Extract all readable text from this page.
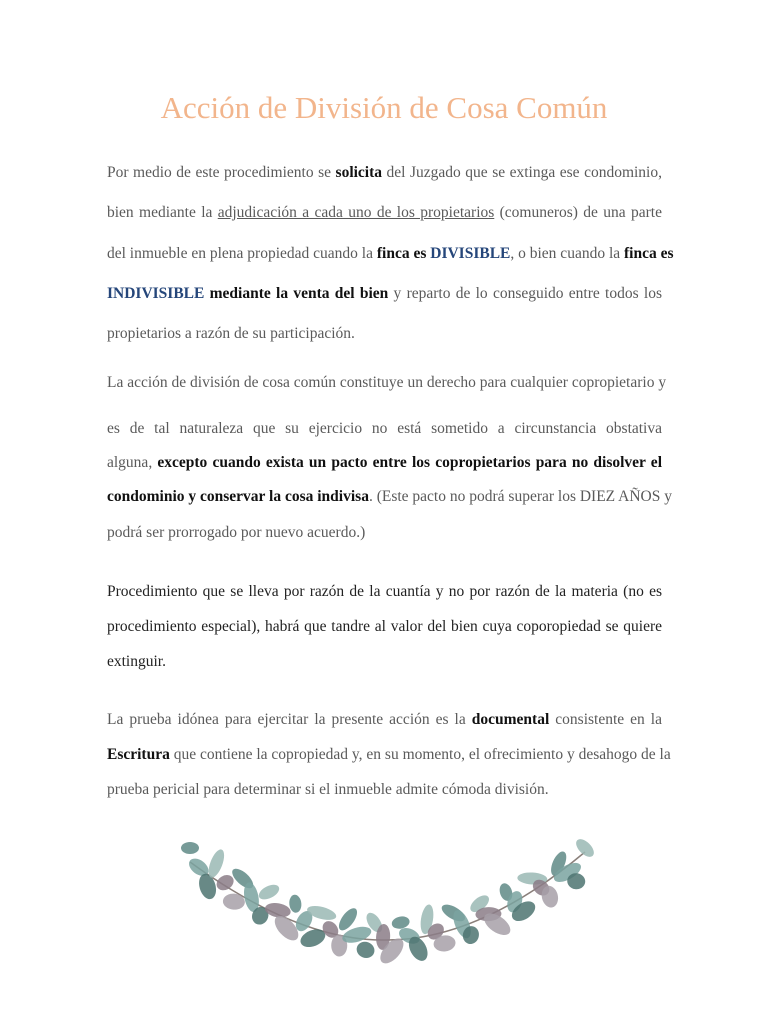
Acción de División de Cosa Común
Por medio de este procedimiento se solicita del Juzgado que se extinga ese condominio,
bien mediante la adjudicación a cada uno de los propietarios (comuneros) de una parte
del inmueble en plena propiedad cuando la finca es DIVISIBLE, o bien cuando la finca es
INDIVISIBLE mediante la venta del bien y reparto de lo conseguido entre todos los
propietarios a razón de su participación.
La acción de división de cosa común constituye un derecho para cualquier copropietario y
es de tal naturaleza que su ejercicio no está sometido a circunstancia obstativa
alguna, excepto cuando exista un pacto entre los copropietarios para no disolver el
condominio y conservar la cosa indivisa. (Este pacto no podrá superar los DIEZ AÑOS y
podrá ser prorrogado por nuevo acuerdo.)
Procedimiento que se lleva por razón de la cuantía y no por razón de la materia (no es
procedimiento especial), habrá que tandre al valor del bien cuya coporopiedad se quiere
extinguir.
La prueba idónea para ejercitar la presente acción es la documental consistente en la
Escritura que contiene la copropiedad y, en su momento, el ofrecimiento y desahogo de la
prueba pericial para determinar si el inmueble admite cómoda división.
